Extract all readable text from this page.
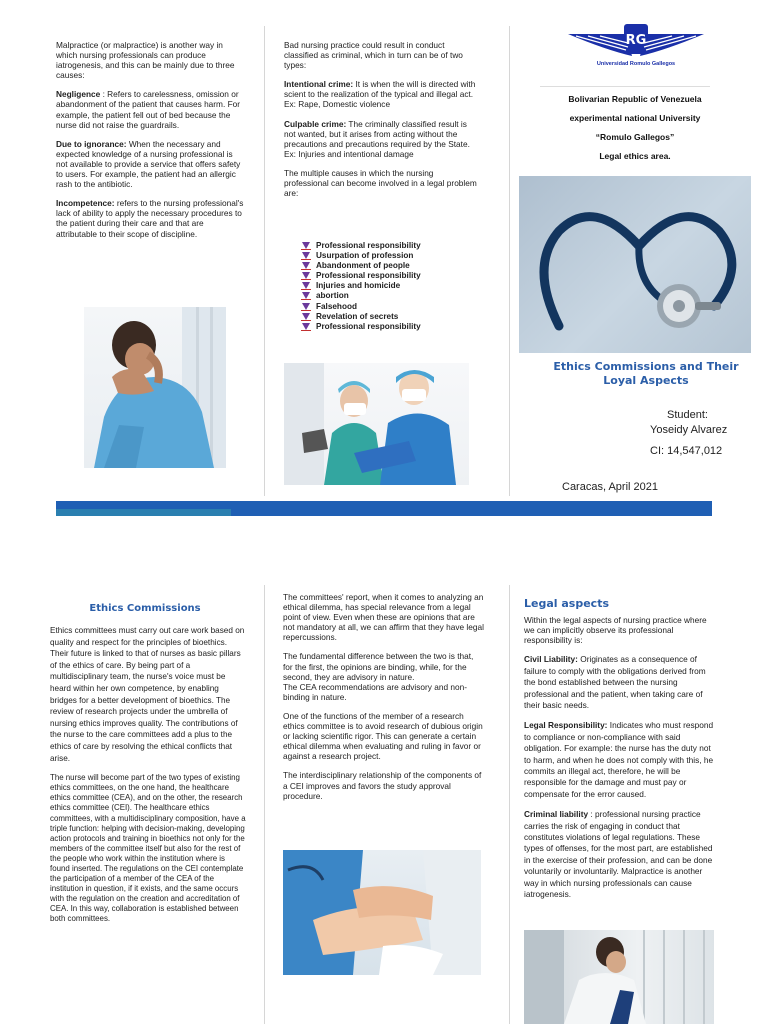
Malpractice (or malpractice) is another way in which nursing professionals can produce iatrogenesis, and this can be mainly due to three causes:

Negligence : Refers to carelessness, omission or abandonment of the patient that causes harm. For example, the patient fell out of bed because the nurse did not raise the guardrails.

Due to ignorance: When the necessary and expected knowledge of a nursing professional is not available to provide a service that offers safety to users. For example, the patient had an allergic rash to the antibiotic.

Incompetence: refers to the nursing professional's lack of ability to apply the necessary procedures to the patient during their care and that are attributable to their scope of discipline.

Bad nursing practice could result in conduct classified as criminal, which in turn can be of two types:

Intentional crime: It is when the will is directed with scient to the realization of the typical and illegal act. Ex: Rape, Domestic violence

Culpable crime: The criminally classified result is not wanted, but it arises from acting without the precautions and precautions required by the State. Ex: Injuries and intentional damage

The multiple causes in which the nursing professional can become involved in a legal problem are:

Professional responsibility
Usurpation of profession
Abandonment of people
Professional responsibility
Injuries and homicide
abortion
Falsehood
Revelation of secrets
Professional responsibility
RG
Universidad Romulo Gallegos
Bolivarian Republic of Venezuela
experimental national University
“Romulo Gallegos”
Legal ethics area.
Ethics Commissions and Their Loyal Aspects
Student:
Yoseidy Alvarez
CI: 14,547,012
Caracas, April 2021
Ethics Commissions

Ethics committees must carry out care work based on quality and respect for the principles of bioethics. Their future is linked to that of nurses as basic pillars of the ethics of care. By being part of a multidisciplinary team, the nurse's voice must be heard within her own competence, by enabling bridges for a better development of bioethics. The review of research projects under the umbrella of nursing ethics improves quality. The contributions of the nurse to the care committees add a plus to the ethics of care by resolving the ethical conflicts that arise.

The nurse will become part of the two types of existing ethics committees, on the one hand, the healthcare ethics committee (CEA), and on the other, the research ethics committee (CEI). The healthcare ethics committees, with a multidisciplinary composition, have a triple function: helping with decision-making, developing action protocols and training in bioethics not only for the members of the committee itself but also for the rest of the people who work within the institution where is found inserted. The regulations on the CEI contemplate the participation of a member of the CEA of the institution in question, if it exists, and the same occurs with the regulation on the creation and accreditation of CEA. In this way, collaboration is established between both committees.

The committees' report, when it comes to analyzing an ethical dilemma, has special relevance from a legal point of view. Even when these are opinions that are not mandatory at all, we can affirm that they have legal repercussions.

The fundamental difference between the two is that, for the first, the opinions are binding, while, for the second, they are advisory in nature.

The CEA recommendations are advisory and non-binding in nature.

One of the functions of the member of a research ethics committee is to avoid research of dubious origin or lacking scientific rigor. This can generate a certain ethical dilemma when evaluating and ruling in favor or against a research project.

The interdisciplinary relationship of the components of a CEI improves and favors the study approval procedure.

Legal aspects

Within the legal aspects of nursing practice where we can implicitly observe its professional responsibility is:

Civil Liability: Originates as a consequence of failure to comply with the obligations derived from the bond established between the nursing professional and the patient, when taking care of their basic needs.

Legal Responsibility: Indicates who must respond to compliance or non-compliance with said obligation. For example: the nurse has the duty not to harm, and when he does not comply with this, he commits an illegal act, therefore, he will be responsible for the damage and must pay or compensate for the error caused.

Criminal liability : professional nursing practice carries the risk of engaging in conduct that constitutes violations of legal regulations. These types of offenses, for the most part, are established in the exercise of their profession, and can be done voluntarily or involuntarily. Malpractice is another way in which nursing professionals can cause iatrogenesis.
